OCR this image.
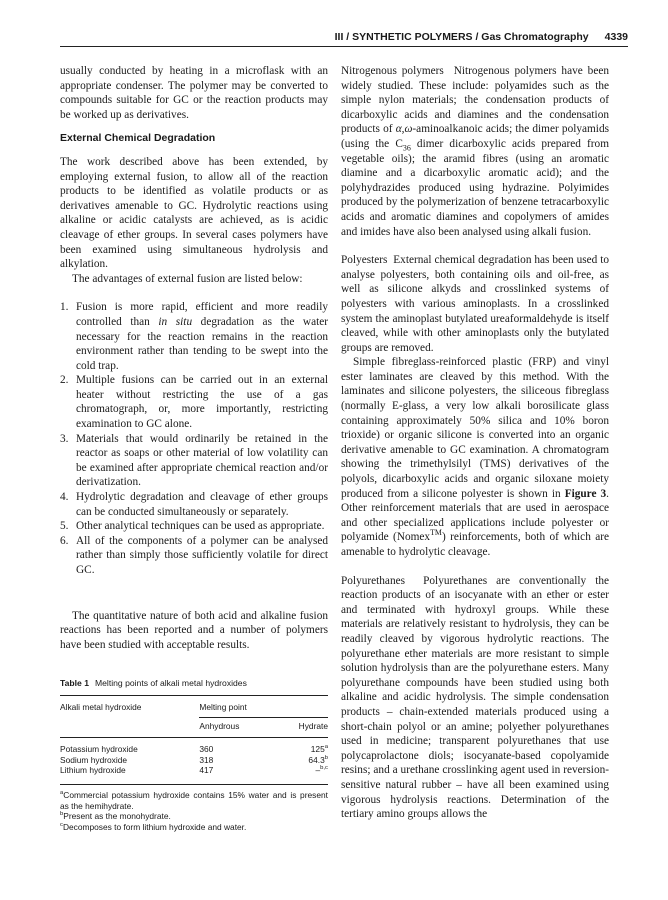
III / SYNTHETIC POLYMERS / Gas Chromatography 4339

usually conducted by heating in a microflask with an appropriate condenser. The polymer may be converted to compounds suitable for GC or the reaction products may be worked up as derivatives.

External Chemical Degradation

The work described above has been extended, by employing external fusion, to allow all of the reaction products to be identified as volatile products or as derivatives amenable to GC. Hydrolytic reactions using alkaline or acidic catalysts are achieved, as is acidic cleavage of ether groups. In several cases polymers have been examined using simultaneous hydrolysis and alkylation.

The advantages of external fusion are listed below:

1. Fusion is more rapid, efficient and more readily controlled than in situ degradation as the water necessary for the reaction remains in the reaction environment rather than tending to be swept into the cold trap.
2. Multiple fusions can be carried out in an external heater without restricting the use of a gas chromatograph, or, more importantly, restricting examination to GC alone.
3. Materials that would ordinarily be retained in the reactor as soaps or other material of low volatility can be examined after appropriate chemical reaction and/or derivatization.
4. Hydrolytic degradation and cleavage of ether groups can be conducted simultaneously or separately.
5. Other analytical techniques can be used as appropriate.
6. All of the components of a polymer can be analysed rather than simply those sufficiently volatile for direct GC.

The quantitative nature of both acid and alkaline fusion reactions has been reported and a number of polymers have been studied with acceptable results.

Table 1 Melting points of alkali metal hydroxides
Alkali metal hydroxide	Melting point	
	Anhydrous	Hydrate
Potassium hydroxide	360	125$^a$
Sodium hydroxide	318	64.3$^b$
Lithium hydroxide	417	–$^{b,c}$
$^a$Commercial potassium hydroxide contains 15% water and is present as the hemihydrate.
$^b$Present as the monohydrate.
$^c$Decomposes to form lithium hydroxide and water.

Nitrogenous polymers Nitrogenous polymers have been widely studied. These include: polyamides such as the simple nylon materials; the condensation products of dicarboxylic acids and diamines and the condensation products of α,ω-aminoalkanoic acids; the dimer polyamids (using the $C_{36}$ dimer dicarboxylic acids prepared from vegetable oils); the aramid fibres (using an aromatic diamine and a dicarboxylic aromatic acid); and the polyhydrazides produced using hydrazine. Polyimides produced by the polymerization of benzene tetracarboxylic acids and aromatic diamines and copolymers of amides and imides have also been analysed using alkali fusion.

Polyesters External chemical degradation has been used to analyse polyesters, both containing oils and oil-free, as well as silicone alkyds and crosslinked systems of polyesters with various aminoplasts. In a crosslinked system the aminoplast butylated ureaformaldehyde is itself cleaved, while with other aminoplasts only the butylated groups are removed.

Simple fibreglass-reinforced plastic (FRP) and vinyl ester laminates are cleaved by this method. With the laminates and silicone polyesters, the siliceous fibreglass (normally E-glass, a very low alkali borosilicate glass containing approximately 50% silica and 10% boron trioxide) or organic silicone is converted into an organic derivative amenable to GC examination. A chromatogram showing the trimethylsilyl (TMS) derivatives of the polyols, dicarboxylic acids and organic siloxane moiety produced from a silicone polyester is shown in Figure 3. Other reinforcement materials that are used in aerospace and other specialized applications include polyester or polyamide (Nomex™) reinforcements, both of which are amenable to hydrolytic cleavage.

Polyurethanes Polyurethanes are conventionally the reaction products of an isocyanate with an ether or ester and terminated with hydroxyl groups. While these materials are relatively resistant to hydrolysis, they can be readily cleaved by vigorous hydrolytic reactions. The polyurethane ether materials are more resistant to simple solution hydrolysis than are the polyurethane esters. Many polyurethane compounds have been studied using both alkaline and acidic hydrolysis. The simple condensation products – chain-extended materials produced using a short-chain polyol or an amine; polyether polyurethanes used in medicine; transparent polyurethanes that use polycaprolactone diols; isocyanate-based copolyamide resins; and a urethane crosslinking agent used in reversion-sensitive natural rubber – have all been examined using vigorous hydrolysis reactions. Determination of the tertiary amino groups allows the
